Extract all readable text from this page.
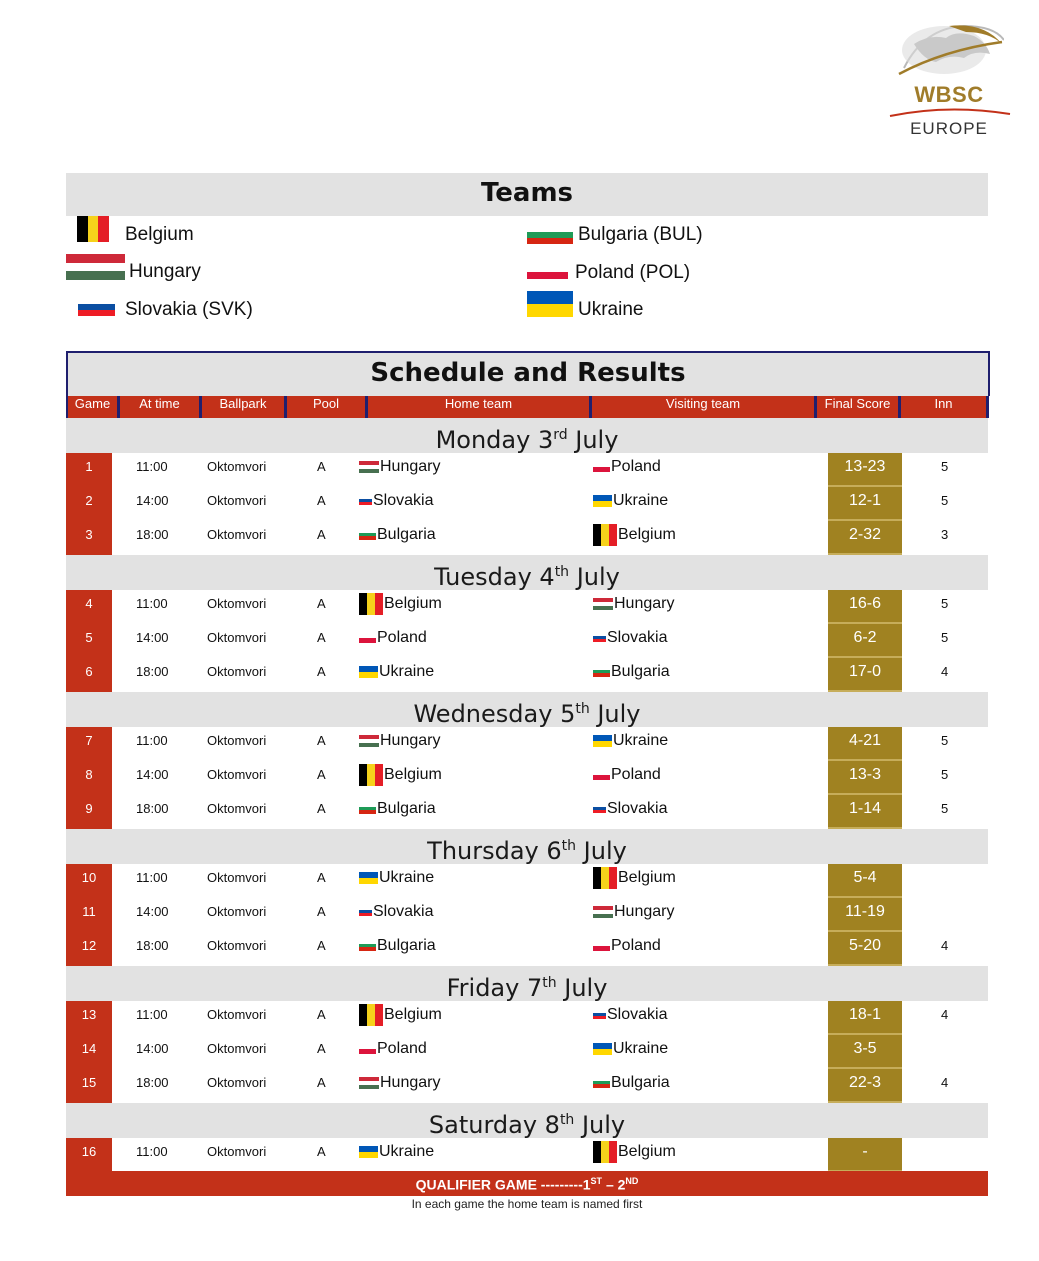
WBSC
EUROPE
Teams
Belgium	Bulgaria (BUL)
Hungary	Poland (POL)
Slovakia (SVK)	Ukraine
Schedule and Results
Game	At time	Ballpark	Pool	Home team	Visiting team	Final Score	Inn
Monday 3rd July
1	11:00	Oktomvori	A	Hungary	Poland	13-23	5
2	14:00	Oktomvori	A	Slovakia	Ukraine	12-1	5
3	18:00	Oktomvori	A	Bulgaria	Belgium	2-32	3
Tuesday 4th July
4	11:00	Oktomvori	A	Belgium	Hungary	16-6	5
5	14:00	Oktomvori	A	Poland	Slovakia	6-2	5
6	18:00	Oktomvori	A	Ukraine	Bulgaria	17-0	4
Wednesday 5th July
7	11:00	Oktomvori	A	Hungary	Ukraine	4-21	5
8	14:00	Oktomvori	A	Belgium	Poland	13-3	5
9	18:00	Oktomvori	A	Bulgaria	Slovakia	1-14	5
Thursday 6th July
10	11:00	Oktomvori	A	Ukraine	Belgium	5-4
11	14:00	Oktomvori	A	Slovakia	Hungary	11-19
12	18:00	Oktomvori	A	Bulgaria	Poland	5-20	4
Friday 7th July
13	11:00	Oktomvori	A	Belgium	Slovakia	18-1	4
14	14:00	Oktomvori	A	Poland	Ukraine	3-5
15	18:00	Oktomvori	A	Hungary	Bulgaria	22-3	4
Saturday 8th July
16	11:00	Oktomvori	A	Ukraine	Belgium	-
QUALIFIER GAME ---------1ST – 2ND
In each game the home team is named first
